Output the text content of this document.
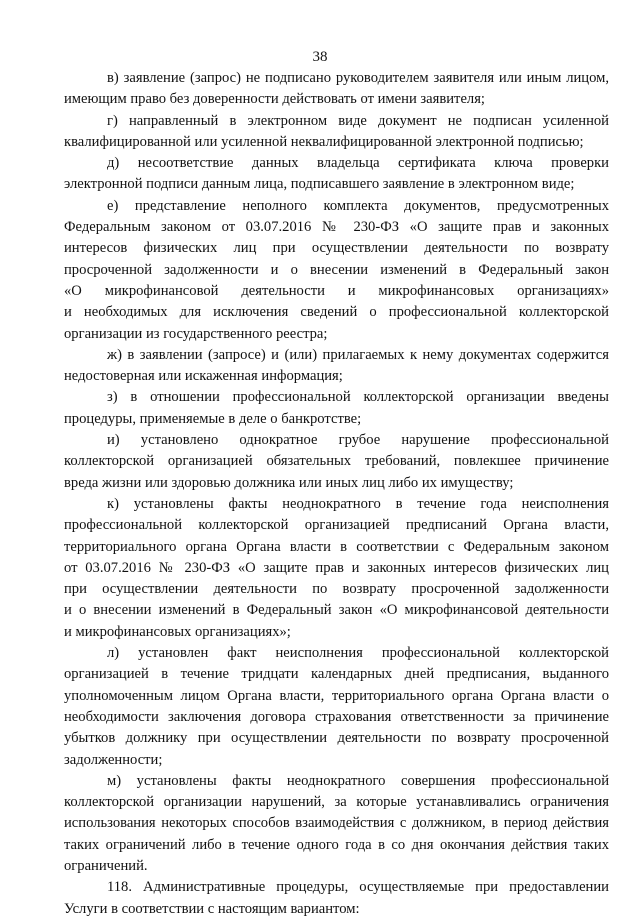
38
в) заявление (запрос) не подписано руководителем заявителя или иным лицом,
имеющим право без доверенности действовать от имени заявителя;
г) направленный в электронном виде документ не подписан усиленной
квалифицированной или усиленной неквалифицированной электронной подписью;
д) несоответствие данных владельца сертификата ключа проверки
электронной подписи данным лица, подписавшего заявление в электронном виде;
е) представление неполного комплекта документов, предусмотренных
Федеральным законом от 03.07.2016 № 230-ФЗ «О защите прав и законных
интересов физических лиц при осуществлении деятельности по возврату
просроченной задолженности и о внесении изменений в Федеральный закон
«О микрофинансовой деятельности и микрофинансовых организациях»
и необходимых для исключения сведений о профессиональной коллекторской
организации из государственного реестра;
ж) в заявлении (запросе) и (или) прилагаемых к нему документах содержится
недостоверная или искаженная информация;
з) в отношении профессиональной коллекторской организации введены
процедуры, применяемые в деле о банкротстве;
и) установлено однократное грубое нарушение профессиональной
коллекторской организацией обязательных требований, повлекшее причинение
вреда жизни или здоровью должника или иных лиц либо их имуществу;
к) установлены факты неоднократного в течение года неисполнения
профессиональной коллекторской организацией предписаний Органа власти,
территориального органа Органа власти в соответствии с Федеральным законом
от 03.07.2016 № 230-ФЗ «О защите прав и законных интересов физических лиц
при осуществлении деятельности по возврату просроченной задолженности
и о внесении изменений в Федеральный закон «О микрофинансовой деятельности
и микрофинансовых организациях»;
л) установлен факт неисполнения профессиональной коллекторской
организацией в течение тридцати календарных дней предписания, выданного
уполномоченным лицом Органа власти, территориального органа Органа власти о
необходимости заключения договора страхования ответственности за причинение
убытков должнику при осуществлении деятельности по возврату просроченной
задолженности;
м) установлены факты неоднократного совершения профессиональной
коллекторской организации нарушений, за которые устанавливались ограничения
использования некоторых способов взаимодействия с должником, в период действия
таких ограничений либо в течение одного года в со дня окончания действия таких
ограничений.
118. Административные процедуры, осуществляемые при предоставлении
Услуги в соответствии с настоящим вариантом:
